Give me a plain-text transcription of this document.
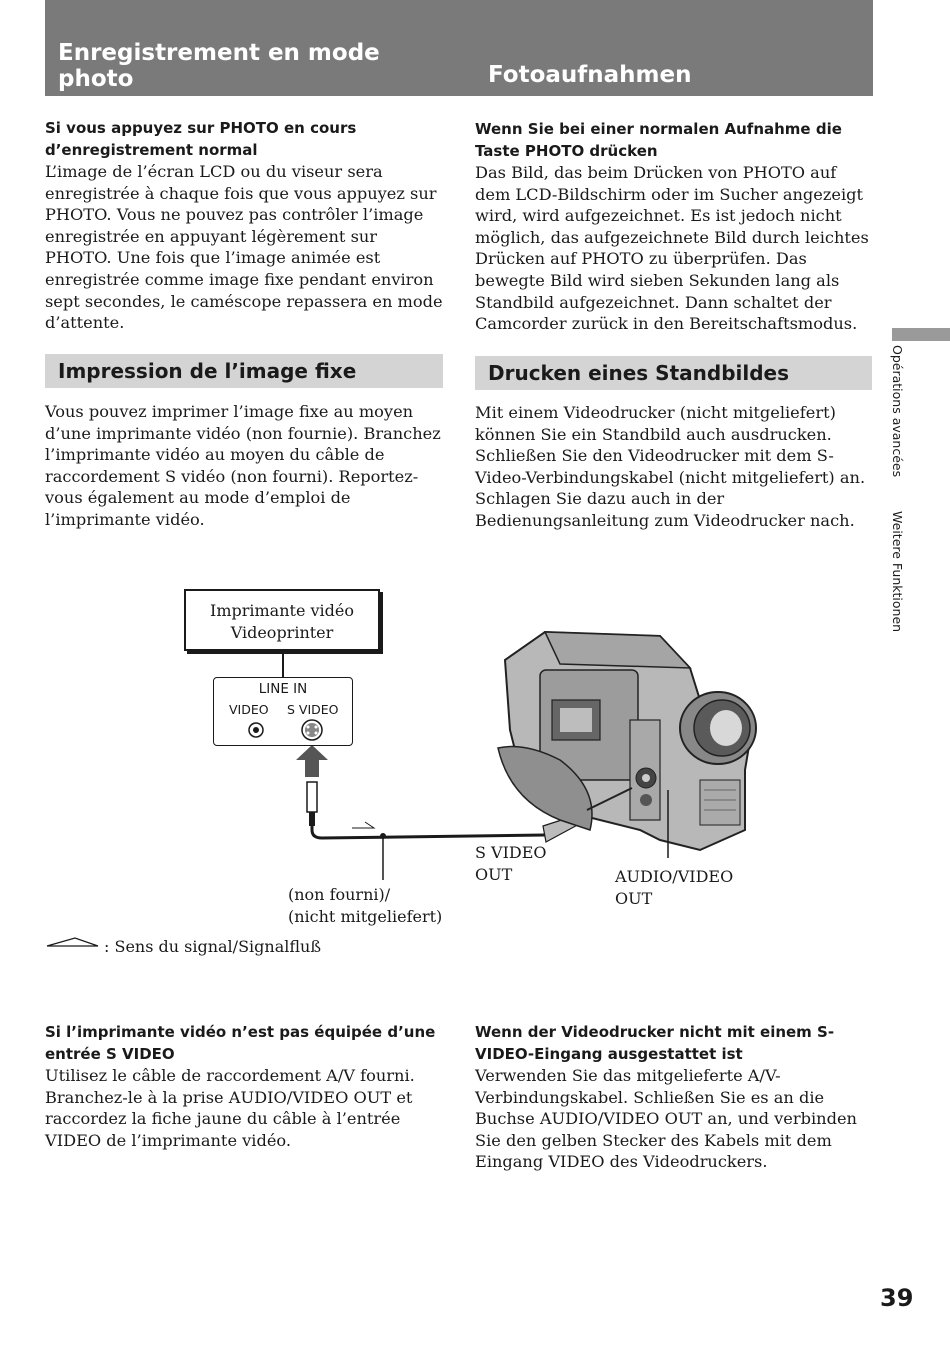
Enregistrement en mode photo	Fotoaufnahmen
Si vous appuyez sur PHOTO en cours d’enregistrement normal

L’image de l’écran LCD ou du viseur sera enregistrée à chaque fois que vous appuyez sur PHOTO. Vous ne pouvez pas contrôler l’image enregistrée en appuyant légèrement sur PHOTO. Une fois que l’image animée est enregistrée comme image fixe pendant environ sept secondes, le caméscope repassera en mode d’attente.

Wenn Sie bei einer normalen Aufnahme die Taste PHOTO drücken

Das Bild, das beim Drücken von PHOTO auf dem LCD-Bildschirm oder im Sucher angezeigt wird, wird aufgezeichnet. Es ist jedoch nicht möglich, das aufgezeichnete Bild durch leichtes Drücken auf PHOTO zu überprüfen. Das bewegte Bild wird sieben Sekunden lang als Standbild aufgezeichnet. Dann schaltet der Camcorder zurück in den Bereitschaftsmodus.

Impression de l’image fixe	Drucken eines Standbildes

Vous pouvez imprimer l’image fixe au moyen d’une imprimante vidéo (non fournie). Branchez l’imprimante vidéo au moyen du câble de raccordement S vidéo (non fourni). Reportez-vous également au mode d’emploi de l’imprimante vidéo.

Mit einem Videodrucker (nicht mitgeliefert) können Sie ein Standbild auch ausdrucken. Schließen Sie den Videodrucker mit dem S-Video-Verbindungskabel (nicht mitgeliefert) an. Schlagen Sie dazu auch in der Bedienungsanleitung zum Videodrucker nach.

Opérations avancéesWeitere Funktionen
Imprimante vidéo
Videoprinter
LINE IN
VIDEO S VIDEO
S VIDEO
OUT	AUDIO/VIDEO
OUT
(non fourni)/
(nicht mitgeliefert)
: Sens du signal/Signalfluß
Si l’imprimante vidéo n’est pas équipée d’une entrée S VIDEO

Utilisez le câble de raccordement A/V fourni. Branchez-le à la prise AUDIO/VIDEO OUT et raccordez la fiche jaune du câble à l’entrée VIDEO de l’imprimante vidéo.

Wenn der Videodrucker nicht mit einem S-VIDEO-Eingang ausgestattet ist

Verwenden Sie das mitgelieferte A/V-Verbindungskabel. Schließen Sie es an die Buchse AUDIO/VIDEO OUT an, und verbinden Sie den gelben Stecker des Kabels mit dem Eingang VIDEO des Videodruckers.

39
